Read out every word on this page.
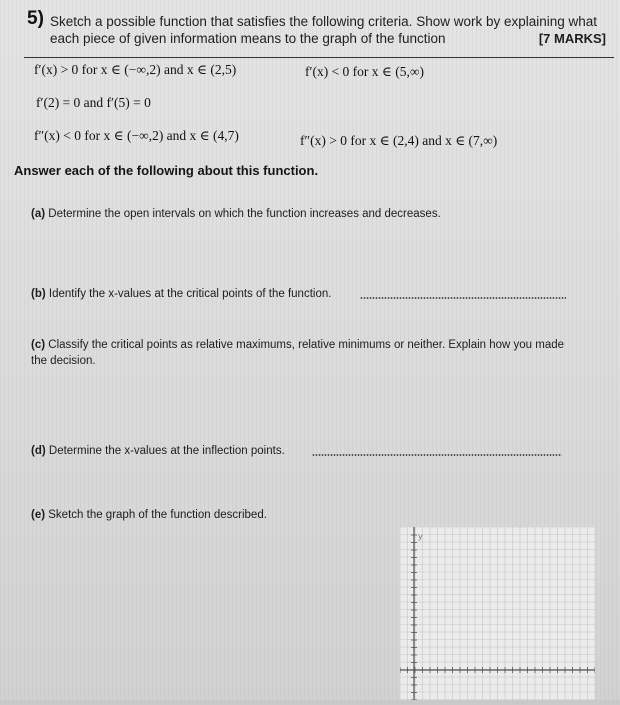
5) Sketch a possible function that satisfies the following criteria. Show work by explaining what each piece of given information means to the graph of the function	[7 MARKS]
f′(x) > 0 for x ∈ (−∞,2) and x ∈ (2,5)	f′(x) < 0 for x ∈ (5,∞)
f′(2) = 0 and f′(5) = 0
f″(x) < 0 for x ∈ (−∞,2) and x ∈ (4,7)	f″(x) > 0 for x ∈ (2,4) and x ∈ (7,∞)
Answer each of the following about this function.
(a) Determine the open intervals on which the function increases and decreases.
(b) Identify the x-values at the critical points of the function.
(c) Classify the critical points as relative maximums, relative minimums or neither. Explain how you made the decision.
(d) Determine the x-values at the inflection points.
(e) Sketch the graph of the function described.
y
